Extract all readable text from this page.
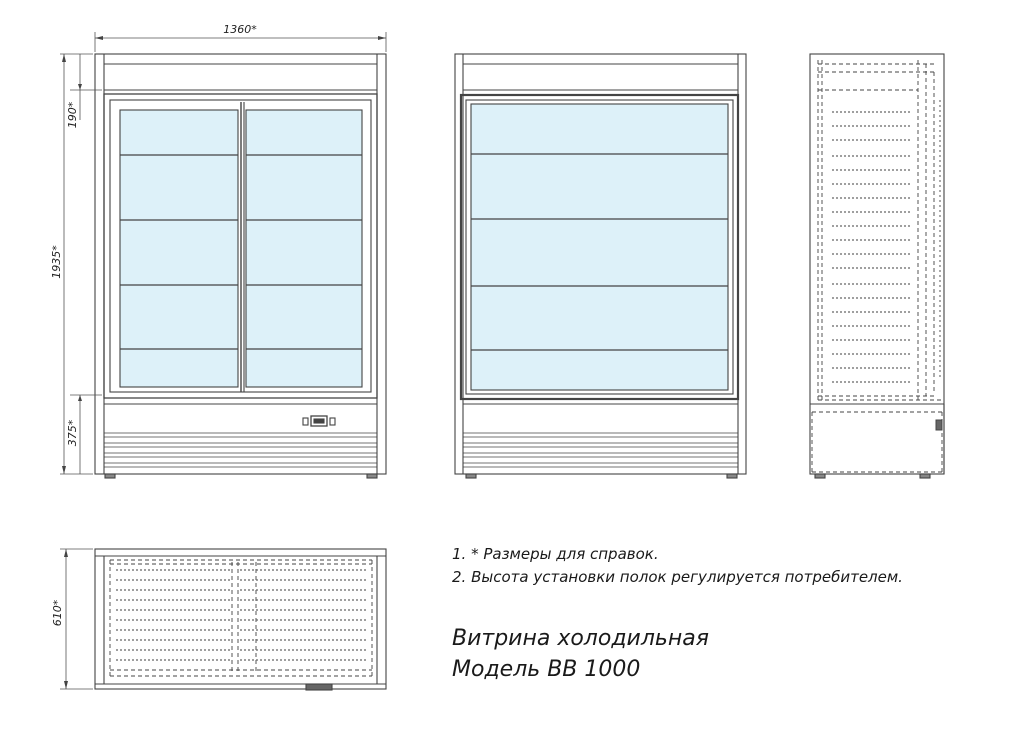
1360*
190*
1935*
375*
610*
1. * Размеры для справок.
2. Высота установки полок регулируется потребителем.
Витрина холодильная
Модель ВВ 1000
